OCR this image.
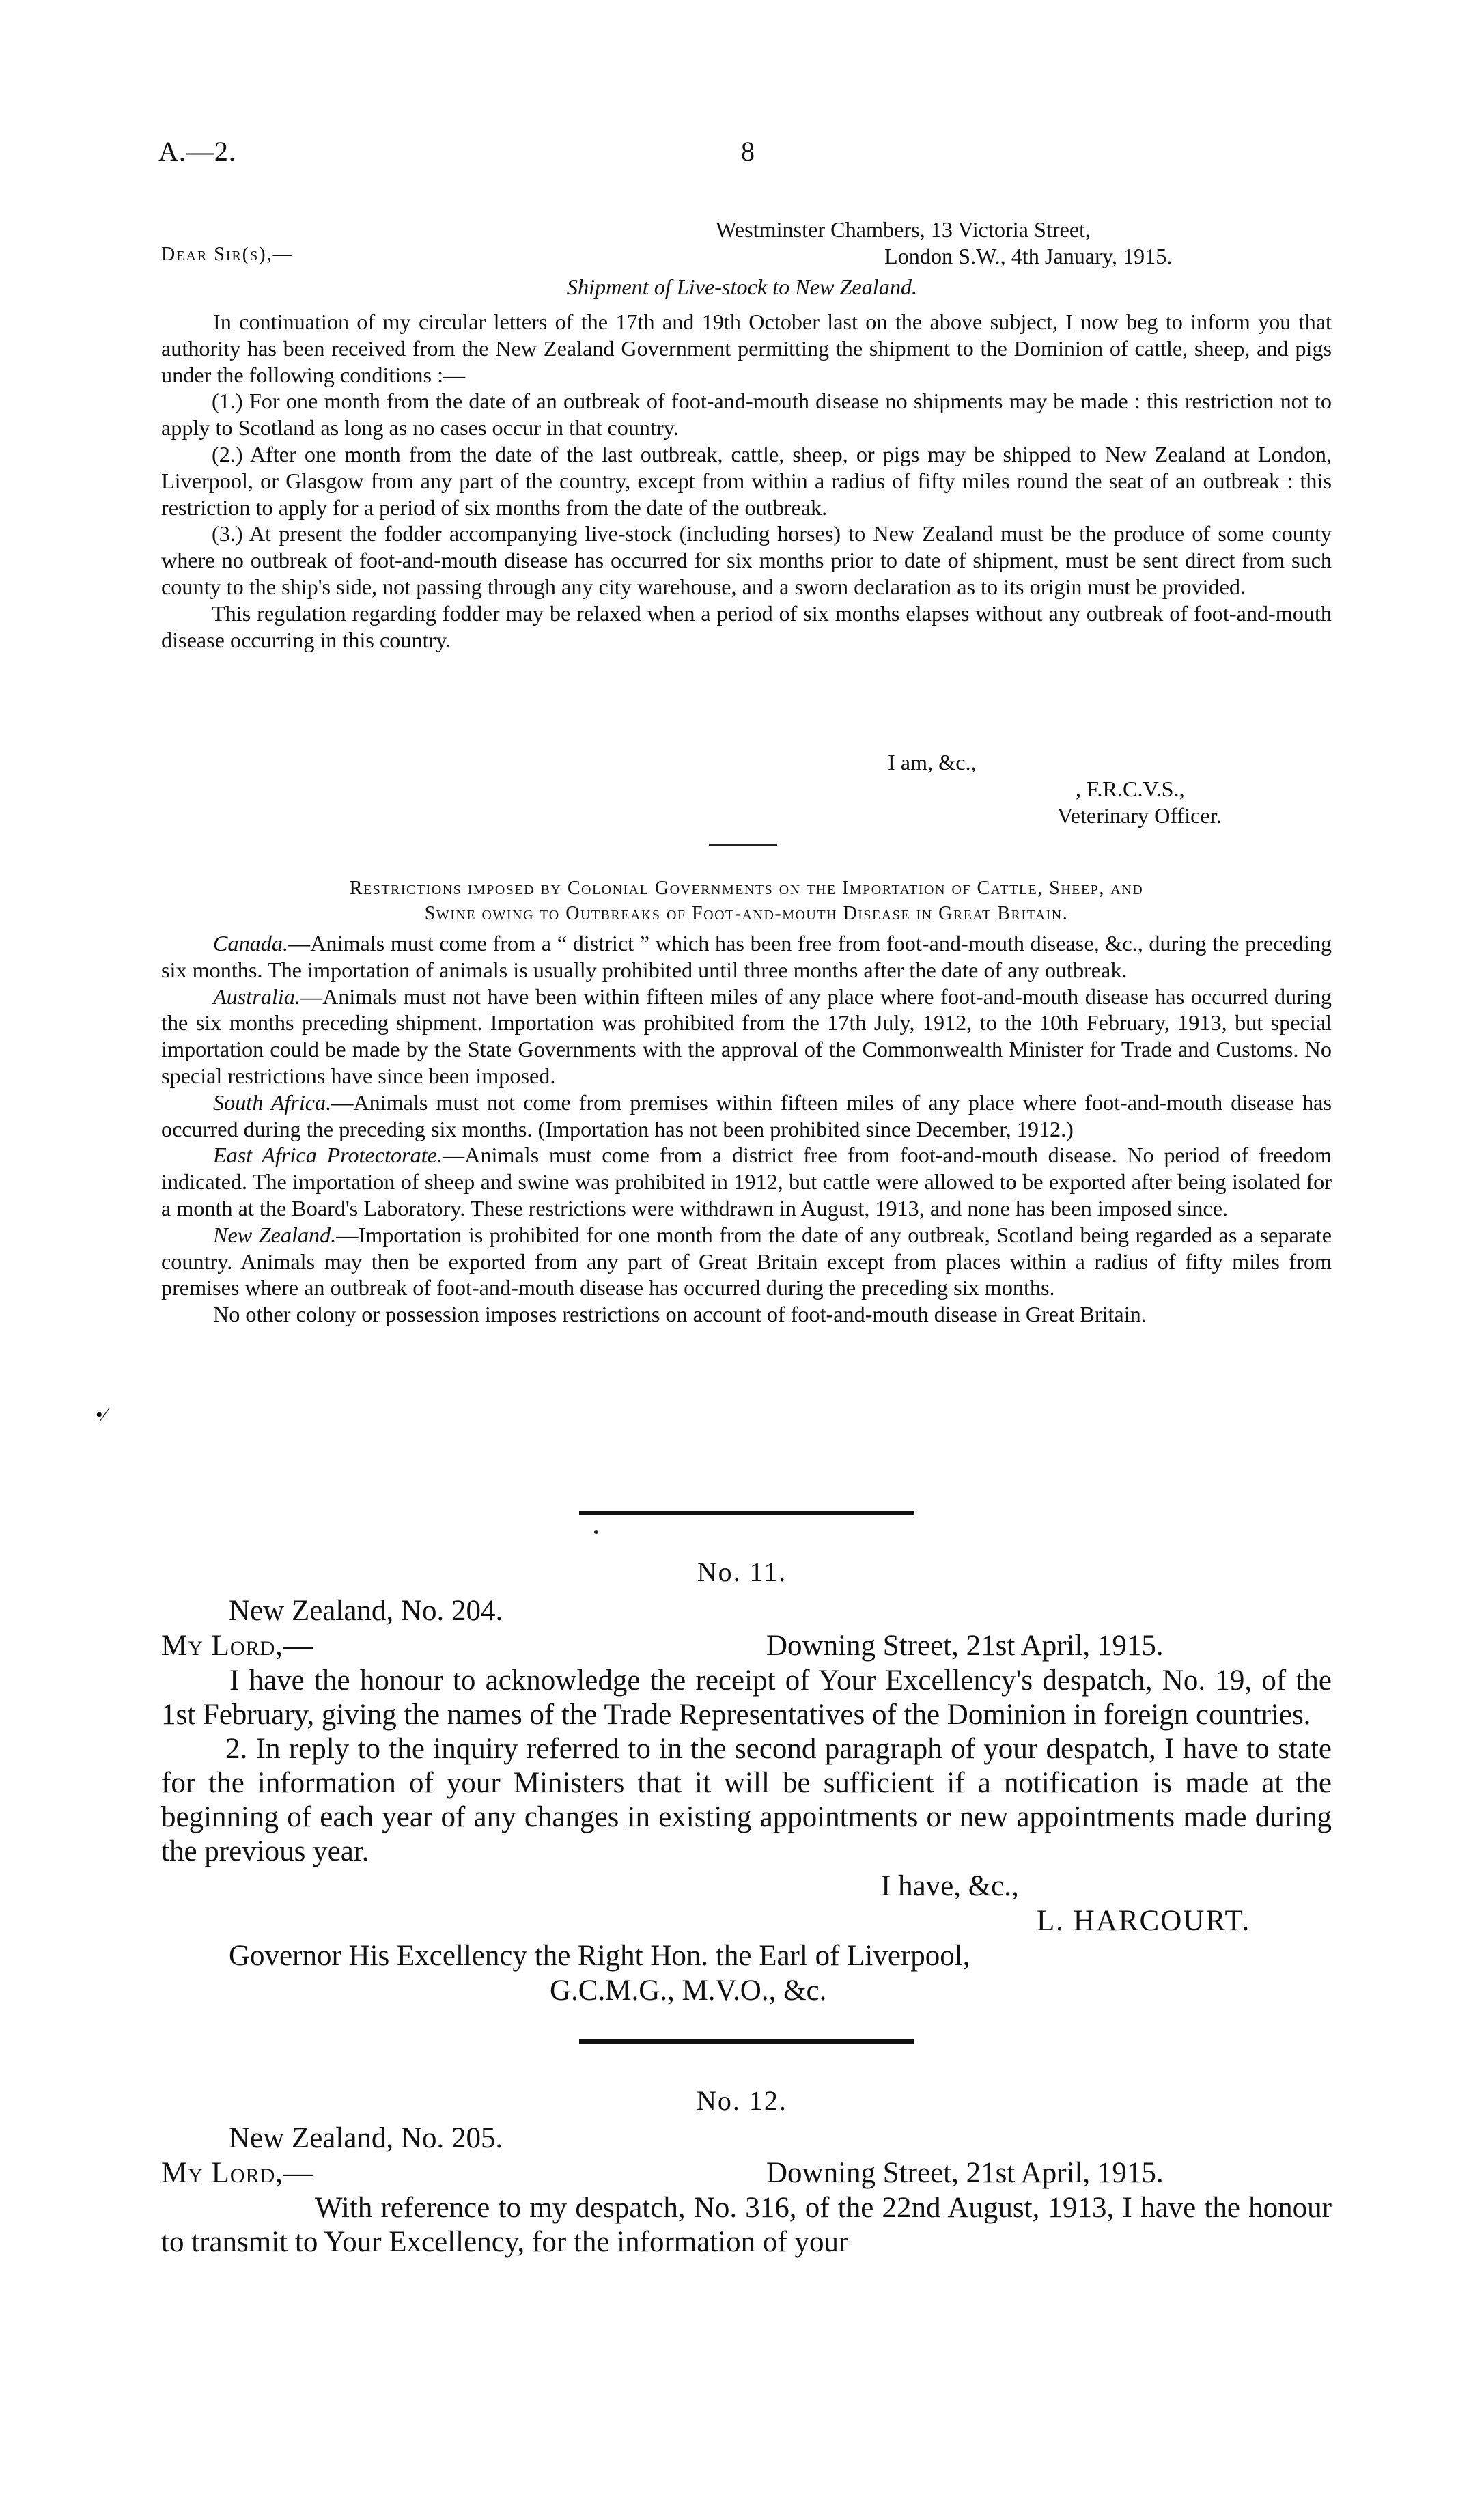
A.—2.	8
Westminster Chambers, 13 Victoria Street,
Dear Sir(s),—	London S.W., 4th January, 1915.
Shipment of Live-stock to New Zealand.

In continuation of my circular letters of the 17th and 19th October last on the above subject, I now beg to inform you that authority has been received from the New Zealand Government permitting the shipment to the Dominion of cattle, sheep, and pigs under the following conditions :—

(1.) For one month from the date of an outbreak of foot-and-mouth disease no shipments may be made : this restriction not to apply to Scotland as long as no cases occur in that country.

(2.) After one month from the date of the last outbreak, cattle, sheep, or pigs may be shipped to New Zealand at London, Liverpool, or Glasgow from any part of the country, except from within a radius of fifty miles round the seat of an outbreak : this restriction to apply for a period of six months from the date of the outbreak.

(3.) At present the fodder accompanying live-stock (including horses) to New Zealand must be the produce of some county where no outbreak of foot-and-mouth disease has occurred for six months prior to date of shipment, must be sent direct from such county to the ship's side, not passing through any city warehouse, and a sworn declaration as to its origin must be provided.

This regulation regarding fodder may be relaxed when a period of six months elapses without any outbreak of foot-and-mouth disease occurring in this country.

I am, &c.,
, F.R.C.V.S.,
Veterinary Officer.
Restrictions imposed by Colonial Governments on the Importation of Cattle, Sheep, and
Swine owing to Outbreaks of Foot-and-mouth Disease in Great Britain.

Canada.—Animals must come from a “ district ” which has been free from foot-and-mouth disease, &c., during the preceding six months. The importation of animals is usually prohibited until three months after the date of any outbreak.

Australia.—Animals must not have been within fifteen miles of any place where foot-and-mouth disease has occurred during the six months preceding shipment. Importation was prohibited from the 17th July, 1912, to the 10th February, 1913, but special importation could be made by the State Governments with the approval of the Commonwealth Minister for Trade and Customs. No special restrictions have since been imposed.

South Africa.—Animals must not come from premises within fifteen miles of any place where foot-and-mouth disease has occurred during the preceding six months. (Importation has not been prohibited since December, 1912.)

East Africa Protectorate.—Animals must come from a district free from foot-and-mouth disease. No period of freedom indicated. The importation of sheep and swine was prohibited in 1912, but cattle were allowed to be exported after being isolated for a month at the Board's Laboratory. These restrictions were withdrawn in August, 1913, and none has been imposed since.

New Zealand.—Importation is prohibited for one month from the date of any outbreak, Scotland being regarded as a separate country. Animals may then be exported from any part of Great Britain except from places within a radius of fifty miles from premises where an outbreak of foot-and-mouth disease has occurred during the preceding six months.

No other colony or possession imposes restrictions on account of foot-and-mouth disease in Great Britain.

•⁄
No. 11.
New Zealand, No. 204.
My Lord,—	Downing Street, 21st April, 1915.

I have the honour to acknowledge the receipt of Your Excellency's despatch, No. 19, of the 1st February, giving the names of the Trade Representatives of the Dominion in foreign countries.

2. In reply to the inquiry referred to in the second paragraph of your despatch, I have to state for the information of your Ministers that it will be sufficient if a notification is made at the beginning of each year of any changes in existing appointments or new appointments made during the previous year.

I have, &c.,
L. HARCOURT.
Governor His Excellency the Right Hon. the Earl of Liverpool,
G.C.M.G., M.V.O., &c.
No. 12.
New Zealand, No. 205.
My Lord,—	Downing Street, 21st April, 1915.

With reference to my despatch, No. 316, of the 22nd August, 1913, I have the honour to transmit to Your Excellency, for the information of your
